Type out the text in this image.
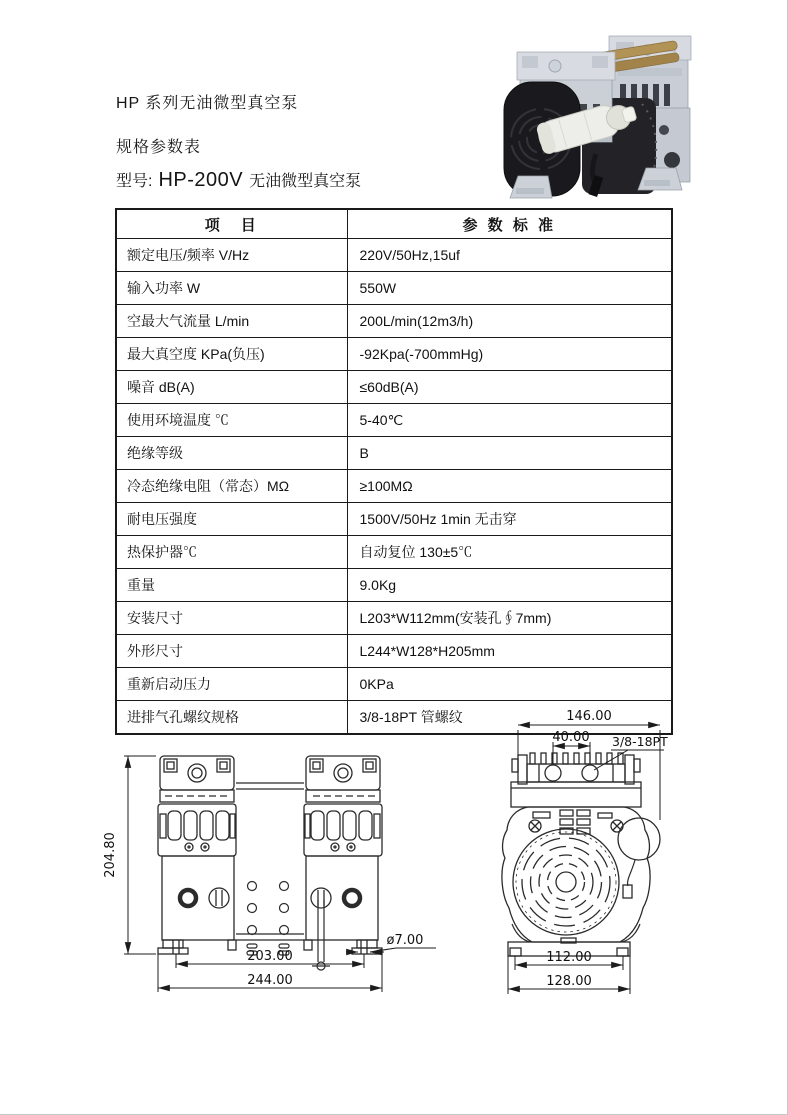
HP 系列无油微型真空泵
规格参数表
型号: HP-200V 无油微型真空泵
项　目	参 数 标 准
额定电压/频率 V/Hz	220V/50Hz,15uf
输入功率 W	550W
空最大气流量 L/min	200L/min(12m3/h)
最大真空度 KPa(负压)	-92Kpa(-700mmHg)
噪音 dB(A)	≤60dB(A)
使用环境温度 ℃	5-40℃
绝缘等级	B
冷态绝缘电阻（常态）MΩ	≥100MΩ
耐电压强度	1500V/50Hz 1min 无击穿
热保护器℃	自动复位 130±5℃
重量	9.0Kg
安装尺寸	L203*W112mm(安装孔∮7mm)
外形尺寸	L244*W128*H205mm
重新启动压力	0KPa
进排气孔螺纹规格	3/8-18PT 管螺纹
204.80
203.00
244.00
ø7.00
146.00
40.00 3/8-18PT
112.00
128.00
